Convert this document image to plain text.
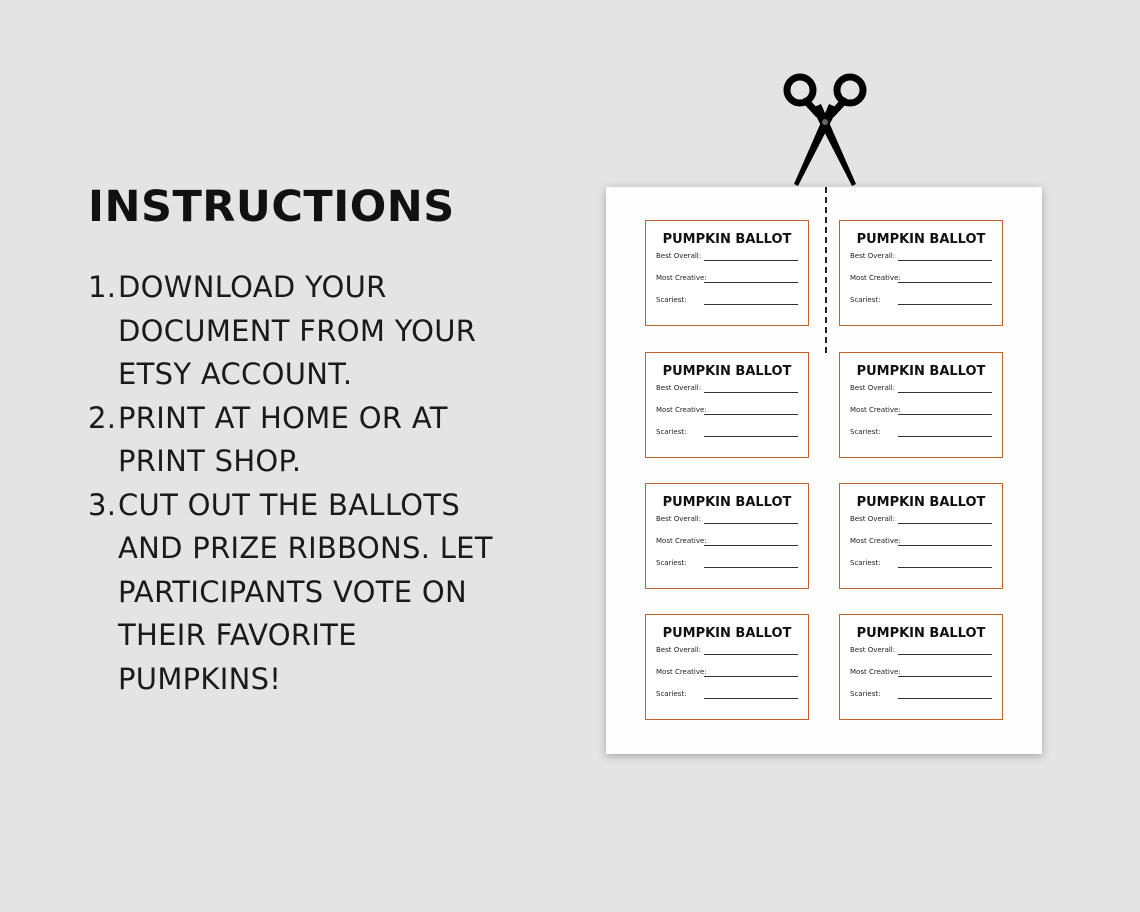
INSTRUCTIONS
1. DOWNLOAD YOUR DOCUMENT FROM YOUR ETSY ACCOUNT.
2. PRINT AT HOME OR AT PRINT SHOP.
3. CUT OUT THE BALLOTS AND PRIZE RIBBONS. LET PARTICIPANTS VOTE ON THEIR FAVORITE PUMPKINS!
PUMPKIN BALLOT
Best Overall:
Most Creative:
Scariest:
PUMPKIN BALLOT
Best Overall:
Most Creative:
Scariest:
PUMPKIN BALLOT
Best Overall:
Most Creative:
Scariest:
PUMPKIN BALLOT
Best Overall:
Most Creative:
Scariest:
PUMPKIN BALLOT
Best Overall:
Most Creative:
Scariest:
PUMPKIN BALLOT
Best Overall:
Most Creative:
Scariest:
PUMPKIN BALLOT
Best Overall:
Most Creative:
Scariest:
PUMPKIN BALLOT
Best Overall:
Most Creative:
Scariest:
